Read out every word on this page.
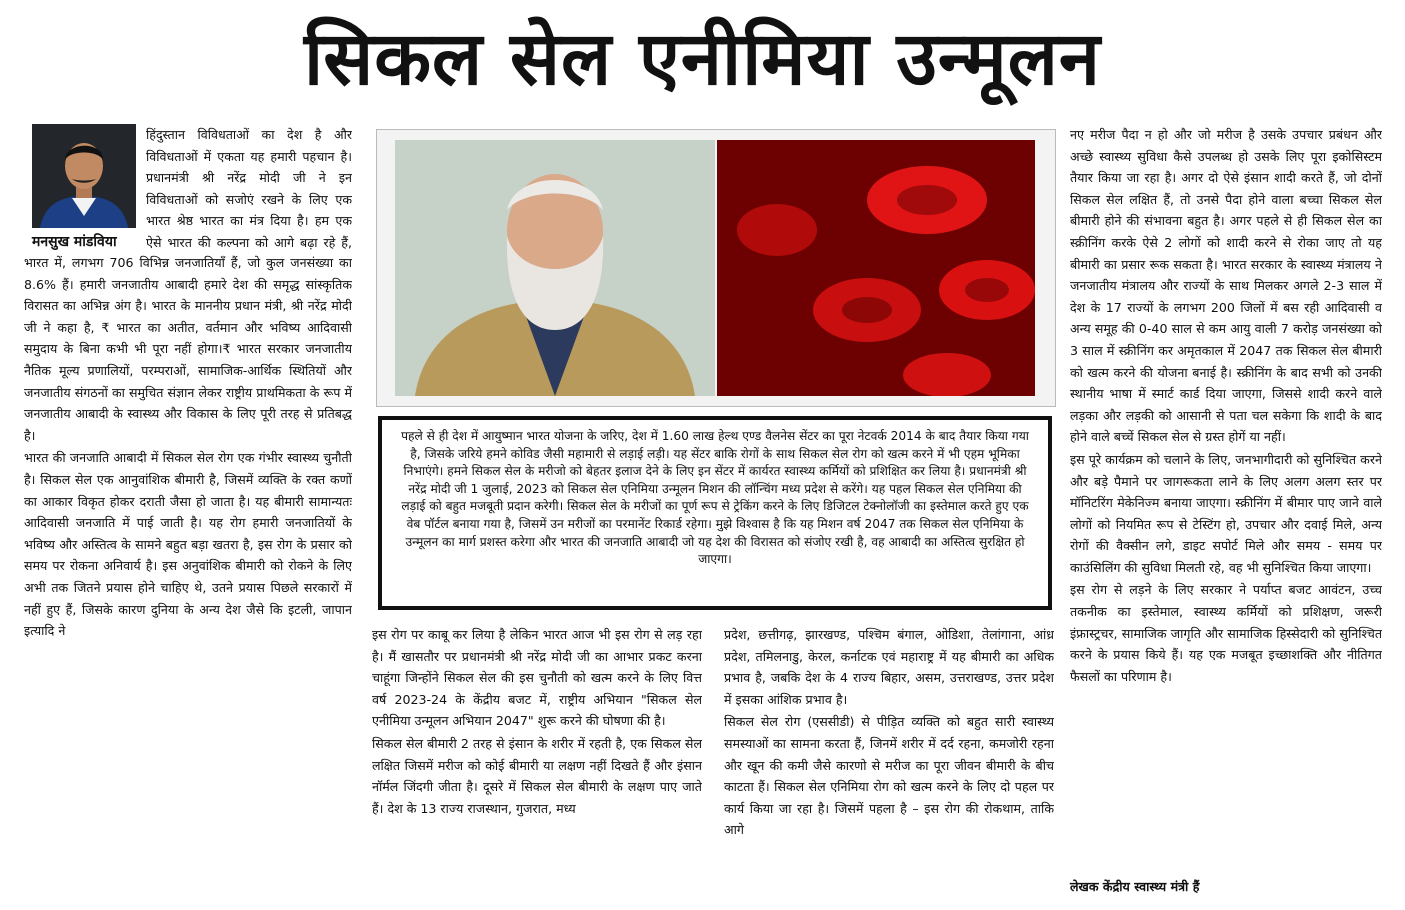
सिकल सेल एनीमिया उन्मूलन
मनसुख मांडविया

हिंदुस्तान विविधताओं का देश है और विविधताओं में एकता यह हमारी पहचान है। प्रधानमंत्री श्री नरेंद्र मोदी जी ने इन विविधताओं को सजोएं रखने के लिए एक भारत श्रेष्ठ भारत का मंत्र दिया है। हम एक ऐसे भारत की कल्पना को आगे बढ़ा रहे हैं,

भारत में, लगभग 706 विभिन्न जनजातियाँ हैं, जो कुल जनसंख्या का 8.6% हैं। हमारी जनजातीय आबादी हमारे देश की समृद्ध सांस्कृतिक विरासत का अभिन्न अंग है। भारत के माननीय प्रधान मंत्री, श्री नरेंद्र मोदी जी ने कहा है, ₹ भारत का अतीत, वर्तमान और भविष्य आदिवासी समुदाय के बिना कभी भी पूरा नहीं होगा।₹ भारत सरकार जनजातीय नैतिक मूल्य प्रणालियों, परम्पराओं, सामाजिक-आर्थिक स्थितियों और जनजातीय संगठनों का समुचित संज्ञान लेकर राष्ट्रीय प्राथमिकता के रूप में जनजातीय आबादी के स्वास्थ्य और विकास के लिए पूरी तरह से प्रतिबद्ध है।

भारत की जनजाति आबादी में सिकल सेल रोग एक गंभीर स्वास्थ्य चुनौती है। सिकल सेल एक आनुवांशिक बीमारी है, जिसमें व्यक्ति के रक्त कणों का आकार विकृत होकर दराती जैसा हो जाता है। यह बीमारी सामान्यतः आदिवासी जनजाति में पाई जाती है। यह रोग हमारी जनजातियों के भविष्य और अस्तित्व के सामने बहुत बड़ा खतरा है, इस रोग के प्रसार को समय पर रोकना अनिवार्य है। इस अनुवांशिक बीमारी को रोकने के लिए अभी तक जितने प्रयास होने चाहिए थे, उतने प्रयास पिछले सरकारों में नहीं हुए हैं, जिसके कारण दुनिया के अन्य देश जैसे कि इटली, जापान इत्यादि ने

पहले से ही देश में आयुष्मान भारत योजना के जरिए, देश में 1.60 लाख हेल्थ एण्ड वैलनेस सेंटर का पूरा नेटवर्क 2014 के बाद तैयार किया गया है, जिसके जरिये हमने कोविड जैसी महामारी से लड़ाई लड़ी। यह सेंटर बाकि रोगों के साथ सिकल सेल रोग को खत्म करने में भी एहम भूमिका निभाएंगे। हमने सिकल सेल के मरीजो को बेहतर इलाज देने के लिए इन सेंटर में कार्यरत स्वास्थ्य कर्मियों को प्रशिक्षित कर लिया है। प्रधानमंत्री श्री नरेंद्र मोदी जी 1 जुलाई, 2023 को सिकल सेल एनिमिया उन्मूलन मिशन की लॉन्चिंग मध्य प्रदेश से करेंगे। यह पहल सिकल सेल एनिमिया की लड़ाई को बहुत मजबूती प्रदान करेगी। सिकल सेल के मरीजों का पूर्ण रूप से ट्रेकिंग करने के लिए डिजिटल टेक्नोलॉजी का इस्तेमाल करते हुए एक वेब पॉर्टल बनाया गया है, जिसमें उन मरीजों का परमानेंट रिकार्ड रहेगा। मुझे विश्वास है कि यह मिशन वर्ष 2047 तक सिकल सेल एनिमिया के उन्मूलन का मार्ग प्रशस्त करेगा और भारत की जनजाति आबादी जो यह देश की विरासत को संजोए रखी है, वह आबादी का अस्तित्व सुरक्षित हो जाएगा।

इस रोग पर काबू कर लिया है लेकिन भारत आज भी इस रोग से लड़ रहा है। मैं खासतौर पर प्रधानमंत्री श्री नरेंद्र मोदी जी का आभार प्रकट करना चाहूंगा जिन्होंने सिकल सेल की इस चुनौती को खत्म करने के लिए वित्त वर्ष 2023-24 के केंद्रीय बजट में, राष्ट्रीय अभियान "सिकल सेल एनीमिया उन्मूलन अभियान 2047" शुरू करने की घोषणा की है।

सिकल सेल बीमारी 2 तरह से इंसान के शरीर में रहती है, एक सिकल सेल लक्षित जिसमें मरीज को कोई बीमारी या लक्षण नहीं दिखते हैं और इंसान नॉर्मल जिंदगी जीता है। दूसरे में सिकल सेल बीमारी के लक्षण पाए जाते हैं। देश के 13 राज्य राजस्थान, गुजरात, मध्य

प्रदेश, छत्तीगढ़, झारखण्ड, पश्चिम बंगाल, ओडिशा, तेलांगाना, आंध्र प्रदेश, तमिलनाडु, केरल, कर्नाटक एवं महाराष्ट्र में यह बीमारी का अधिक प्रभाव है, जबकि देश के 4 राज्य बिहार, असम, उत्तराखण्ड, उत्तर प्रदेश में इसका आंशिक प्रभाव है।

सिकल सेल रोग (एससीडी) से पीड़ित व्यक्ति को बहुत सारी स्वास्थ्य समस्याओं का सामना करता हैं, जिनमें शरीर में दर्द रहना, कमजोरी रहना और खून की कमी जैसे कारणो से मरीज का पूरा जीवन बीमारी के बीच काटता हैं। सिकल सेल एनिमिया रोग को खत्म करने के लिए दो पहल पर कार्य किया जा रहा है। जिसमें पहला है – इस रोग की रोकथाम, ताकि आगे

नए मरीज पैदा न हो और जो मरीज है उसके उपचार प्रबंधन और अच्छे स्वास्थ्य सुविधा कैसे उपलब्ध हो उसके लिए पूरा इकोसिस्टम तैयार किया जा रहा है। अगर दो ऐसे इंसान शादी करते हैं, जो दोनों सिकल सेल लक्षित हैं, तो उनसे पैदा होने वाला बच्चा सिकल सेल बीमारी होने की संभावना बहुत है। अगर पहले से ही सिकल सेल का स्क्रीनिंग करके ऐसे 2 लोगों को शादी करने से रोका जाए तो यह बीमारी का प्रसार रूक सकता है। भारत सरकार के स्वास्थ्य मंत्रालय ने जनजातीय मंत्रालय और राज्यों के साथ मिलकर अगले 2-3 साल में देश के 17 राज्यों के लगभग 200 जिलों में बस रही आदिवासी व अन्य समूह की 0-40 साल से कम आयु वाली 7 करोड़ जनसंख्या को 3 साल में स्क्रीनिंग कर अमृतकाल में 2047 तक सिकल सेल बीमारी को खत्म करने की योजना बनाई है। स्क्रीनिंग के बाद सभी को उनकी स्थानीय भाषा में स्मार्ट कार्ड दिया जाएगा, जिससे शादी करने वाले लड़का और लड़की को आसानी से पता चल सकेगा कि शादी के बाद होने वाले बच्चें सिकल सेल से ग्रस्त होगें या नहीं।

इस पूरे कार्यक्रम को चलाने के लिए, जनभागीदारी को सुनिश्चित करने और बड़े पैमाने पर जागरूकता लाने के लिए अलग अलग स्तर पर मॉनिटरिंग मेकेनिज्म बनाया जाएगा। स्क्रीनिंग में बीमार पाए जाने वाले लोगों को नियमित रूप से टेस्टिंग हो, उपचार और दवाई मिले, अन्य रोगों की वैक्सीन लगे, डाइट सपोर्ट मिले और समय - समय पर काउंसिलिंग की सुविधा मिलती रहे, वह भी सुनिश्चित किया जाएगा।

इस रोग से लड़ने के लिए सरकार ने पर्याप्त बजट आवंटन, उच्च तकनीक का इस्तेमाल, स्वास्थ्य कर्मियों को प्रशिक्षण, जरूरी इंफ्रास्ट्रचर, सामाजिक जागृति और सामाजिक हिस्सेदारी को सुनिश्चित करने के प्रयास किये हैं। यह एक मजबूत इच्छाशक्ति और नीतिगत फैसलों का परिणाम है।

लेखक केंद्रीय स्वास्थ्य मंत्री हैं
